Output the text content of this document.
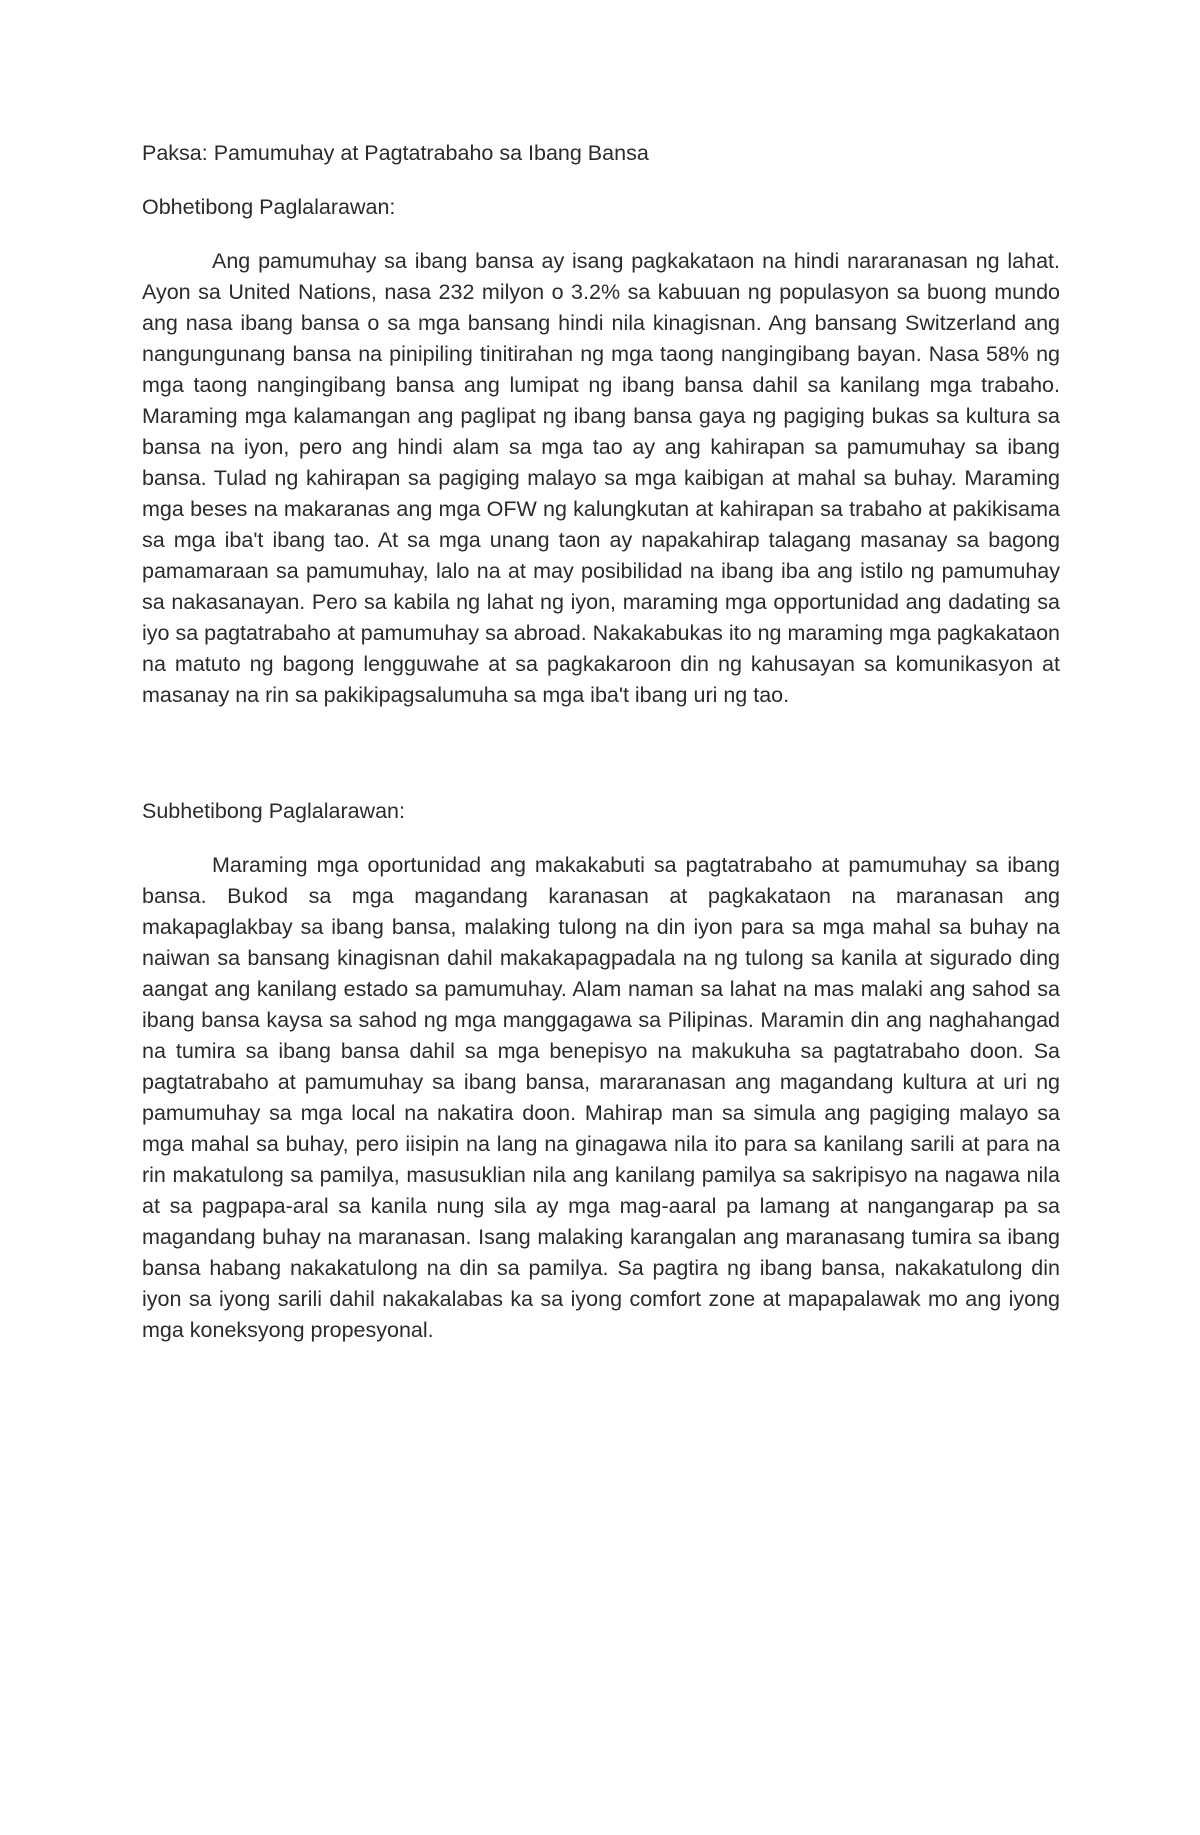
Paksa: Pamumuhay at Pagtatrabaho sa Ibang Bansa

Obhetibong Paglalarawan:

Ang pamumuhay sa ibang bansa ay isang pagkakataon na hindi nararanasan ng lahat. Ayon sa United Nations, nasa 232 milyon o 3.2% sa kabuuan ng populasyon sa buong mundo ang nasa ibang bansa o sa mga bansang hindi nila kinagisnan. Ang bansang Switzerland ang nangungunang bansa na pinipiling tinitirahan ng mga taong nangingibang bayan. Nasa 58% ng mga taong nangingibang bansa ang lumipat ng ibang bansa dahil sa kanilang mga trabaho. Maraming mga kalamangan ang paglipat ng ibang bansa gaya ng pagiging bukas sa kultura sa bansa na iyon, pero ang hindi alam sa mga tao ay ang kahirapan sa pamumuhay sa ibang bansa. Tulad ng kahirapan sa pagiging malayo sa mga kaibigan at mahal sa buhay. Maraming mga beses na makaranas ang mga OFW ng kalungkutan at kahirapan sa trabaho at pakikisama sa mga iba't ibang tao. At sa mga unang taon ay napakahirap talagang masanay sa bagong pamamaraan sa pamumuhay, lalo na at may posibilidad na ibang iba ang istilo ng pamumuhay sa nakasanayan. Pero sa kabila ng lahat ng iyon, maraming mga opportunidad ang dadating sa iyo sa pagtatrabaho at pamumuhay sa abroad. Nakakabukas ito ng maraming mga pagkakataon na matuto ng bagong lengguwahe at sa pagkakaroon din ng kahusayan sa komunikasyon at masanay na rin sa pakikipagsalumuha sa mga iba't ibang uri ng tao.

Subhetibong Paglalarawan:

Maraming mga oportunidad ang makakabuti sa pagtatrabaho at pamumuhay sa ibang bansa. Bukod sa mga magandang karanasan at pagkakataon na maranasan ang makapaglakbay sa ibang bansa, malaking tulong na din iyon para sa mga mahal sa buhay na naiwan sa bansang kinagisnan dahil makakapagpadala na ng tulong sa kanila at sigurado ding aangat ang kanilang estado sa pamumuhay. Alam naman sa lahat na mas malaki ang sahod sa ibang bansa kaysa sa sahod ng mga manggagawa sa Pilipinas. Maramin din ang naghahangad na tumira sa ibang bansa dahil sa mga benepisyo na makukuha sa pagtatrabaho doon. Sa pagtatrabaho at pamumuhay sa ibang bansa, mararanasan ang magandang kultura at uri ng pamumuhay sa mga local na nakatira doon. Mahirap man sa simula ang pagiging malayo sa mga mahal sa buhay, pero iisipin na lang na ginagawa nila ito para sa kanilang sarili at para na rin makatulong sa pamilya, masusuklian nila ang kanilang pamilya sa sakripisyo na nagawa nila at sa pagpapa-aral sa kanila nung sila ay mga mag-aaral pa lamang at nangangarap pa sa magandang buhay na maranasan. Isang malaking karangalan ang maranasang tumira sa ibang bansa habang nakakatulong na din sa pamilya. Sa pagtira ng ibang bansa, nakakatulong din iyon sa iyong sarili dahil nakakalabas ka sa iyong comfort zone at mapapalawak mo ang iyong mga koneksyong propesyonal.
